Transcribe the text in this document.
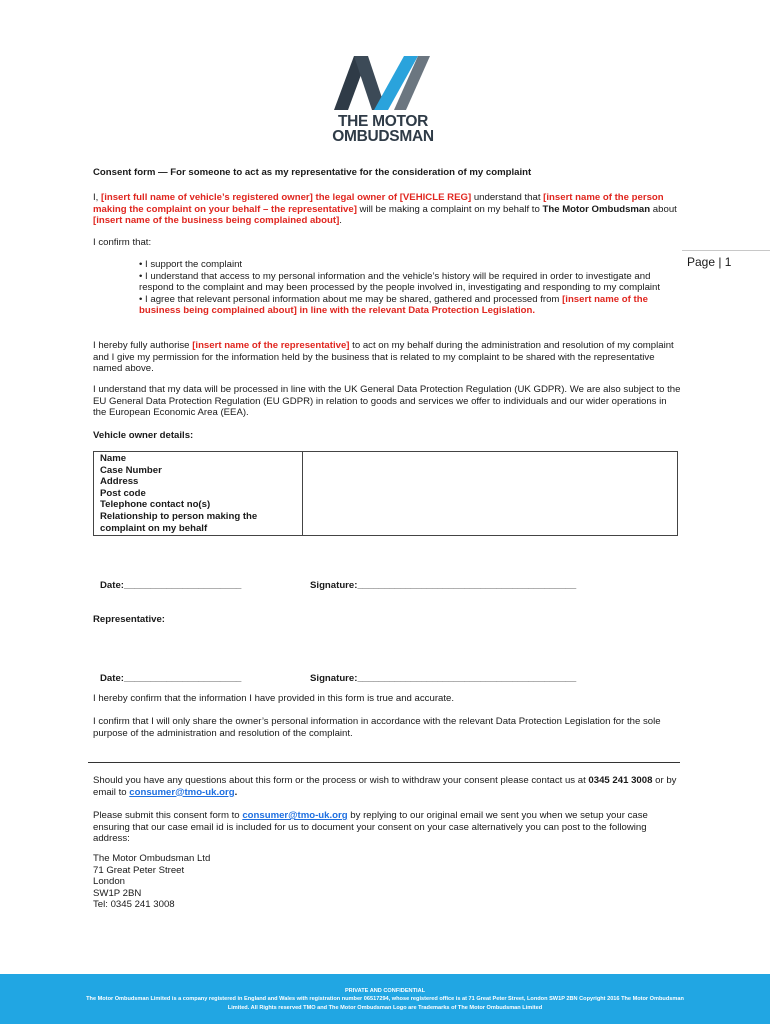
THE MOTOR
OMBUDSMAN
Page | 1
Consent form — For someone to act as my representative for the consideration of my complaint
I, [insert full name of vehicle’s registered owner] the legal owner of [VEHICLE REG] understand that [insert name of the person making the complaint on your behalf – the representative] will be making a complaint on my behalf to The Motor Ombudsman about [insert name of the business being complained about].
I confirm that:
• I support the complaint
• I understand that access to my personal information and the vehicle’s history will be required in order to investigate and respond to the complaint and may been processed by the people involved in, investigating and responding to my complaint
• I agree that relevant personal information about me may be shared, gathered and processed from [insert name of the business being complained about] in line with the relevant Data Protection Legislation.
I hereby fully authorise [insert name of the representative] to act on my behalf during the administration and resolution of my complaint and I give my permission for the information held by the business that is related to my complaint to be shared with the representative named above.
I understand that my data will be processed in line with the UK General Data Protection Regulation (UK GDPR). We are also subject to the EU General Data Protection Regulation (EU GDPR) in relation to goods and services we offer to individuals and our wider operations in the European Economic Area (EEA).
Vehicle owner details:
Name
Case Number
Address
Post code
Telephone contact no(s)
Relationship to person making the complaint on my behalf

Date:______________________	Signature:_________________________________________
Representative:
Date:______________________	Signature:_________________________________________
I hereby confirm that the information I have provided in this form is true and accurate.
I confirm that I will only share the owner’s personal information in accordance with the relevant Data Protection Legislation for the sole purpose of the administration and resolution of the complaint.
Should you have any questions about this form or the process or wish to withdraw your consent please contact us at 0345 241 3008 or by email to consumer@tmo-uk.org.
Please submit this consent form to consumer@tmo-uk.org by replying to our original email we sent you when we setup your case ensuring that our case email id is included for us to document your consent on your case alternatively you can post to the following address:
The Motor Ombudsman Ltd
71 Great Peter Street
London
SW1P 2BN
Tel: 0345 241 3008
PRIVATE AND CONFIDENTIAL
The Motor Ombudsman Limited is a company registered in England and Wales with registration number 06517294, whose registered office is at 71 Great Peter Street, London SW1P 2BN Copyright 2016 The Motor Ombudsman
Limited. All Rights reserved TMO and The Motor Ombudsman Logo are Trademarks of The Motor Ombudsman Limited
